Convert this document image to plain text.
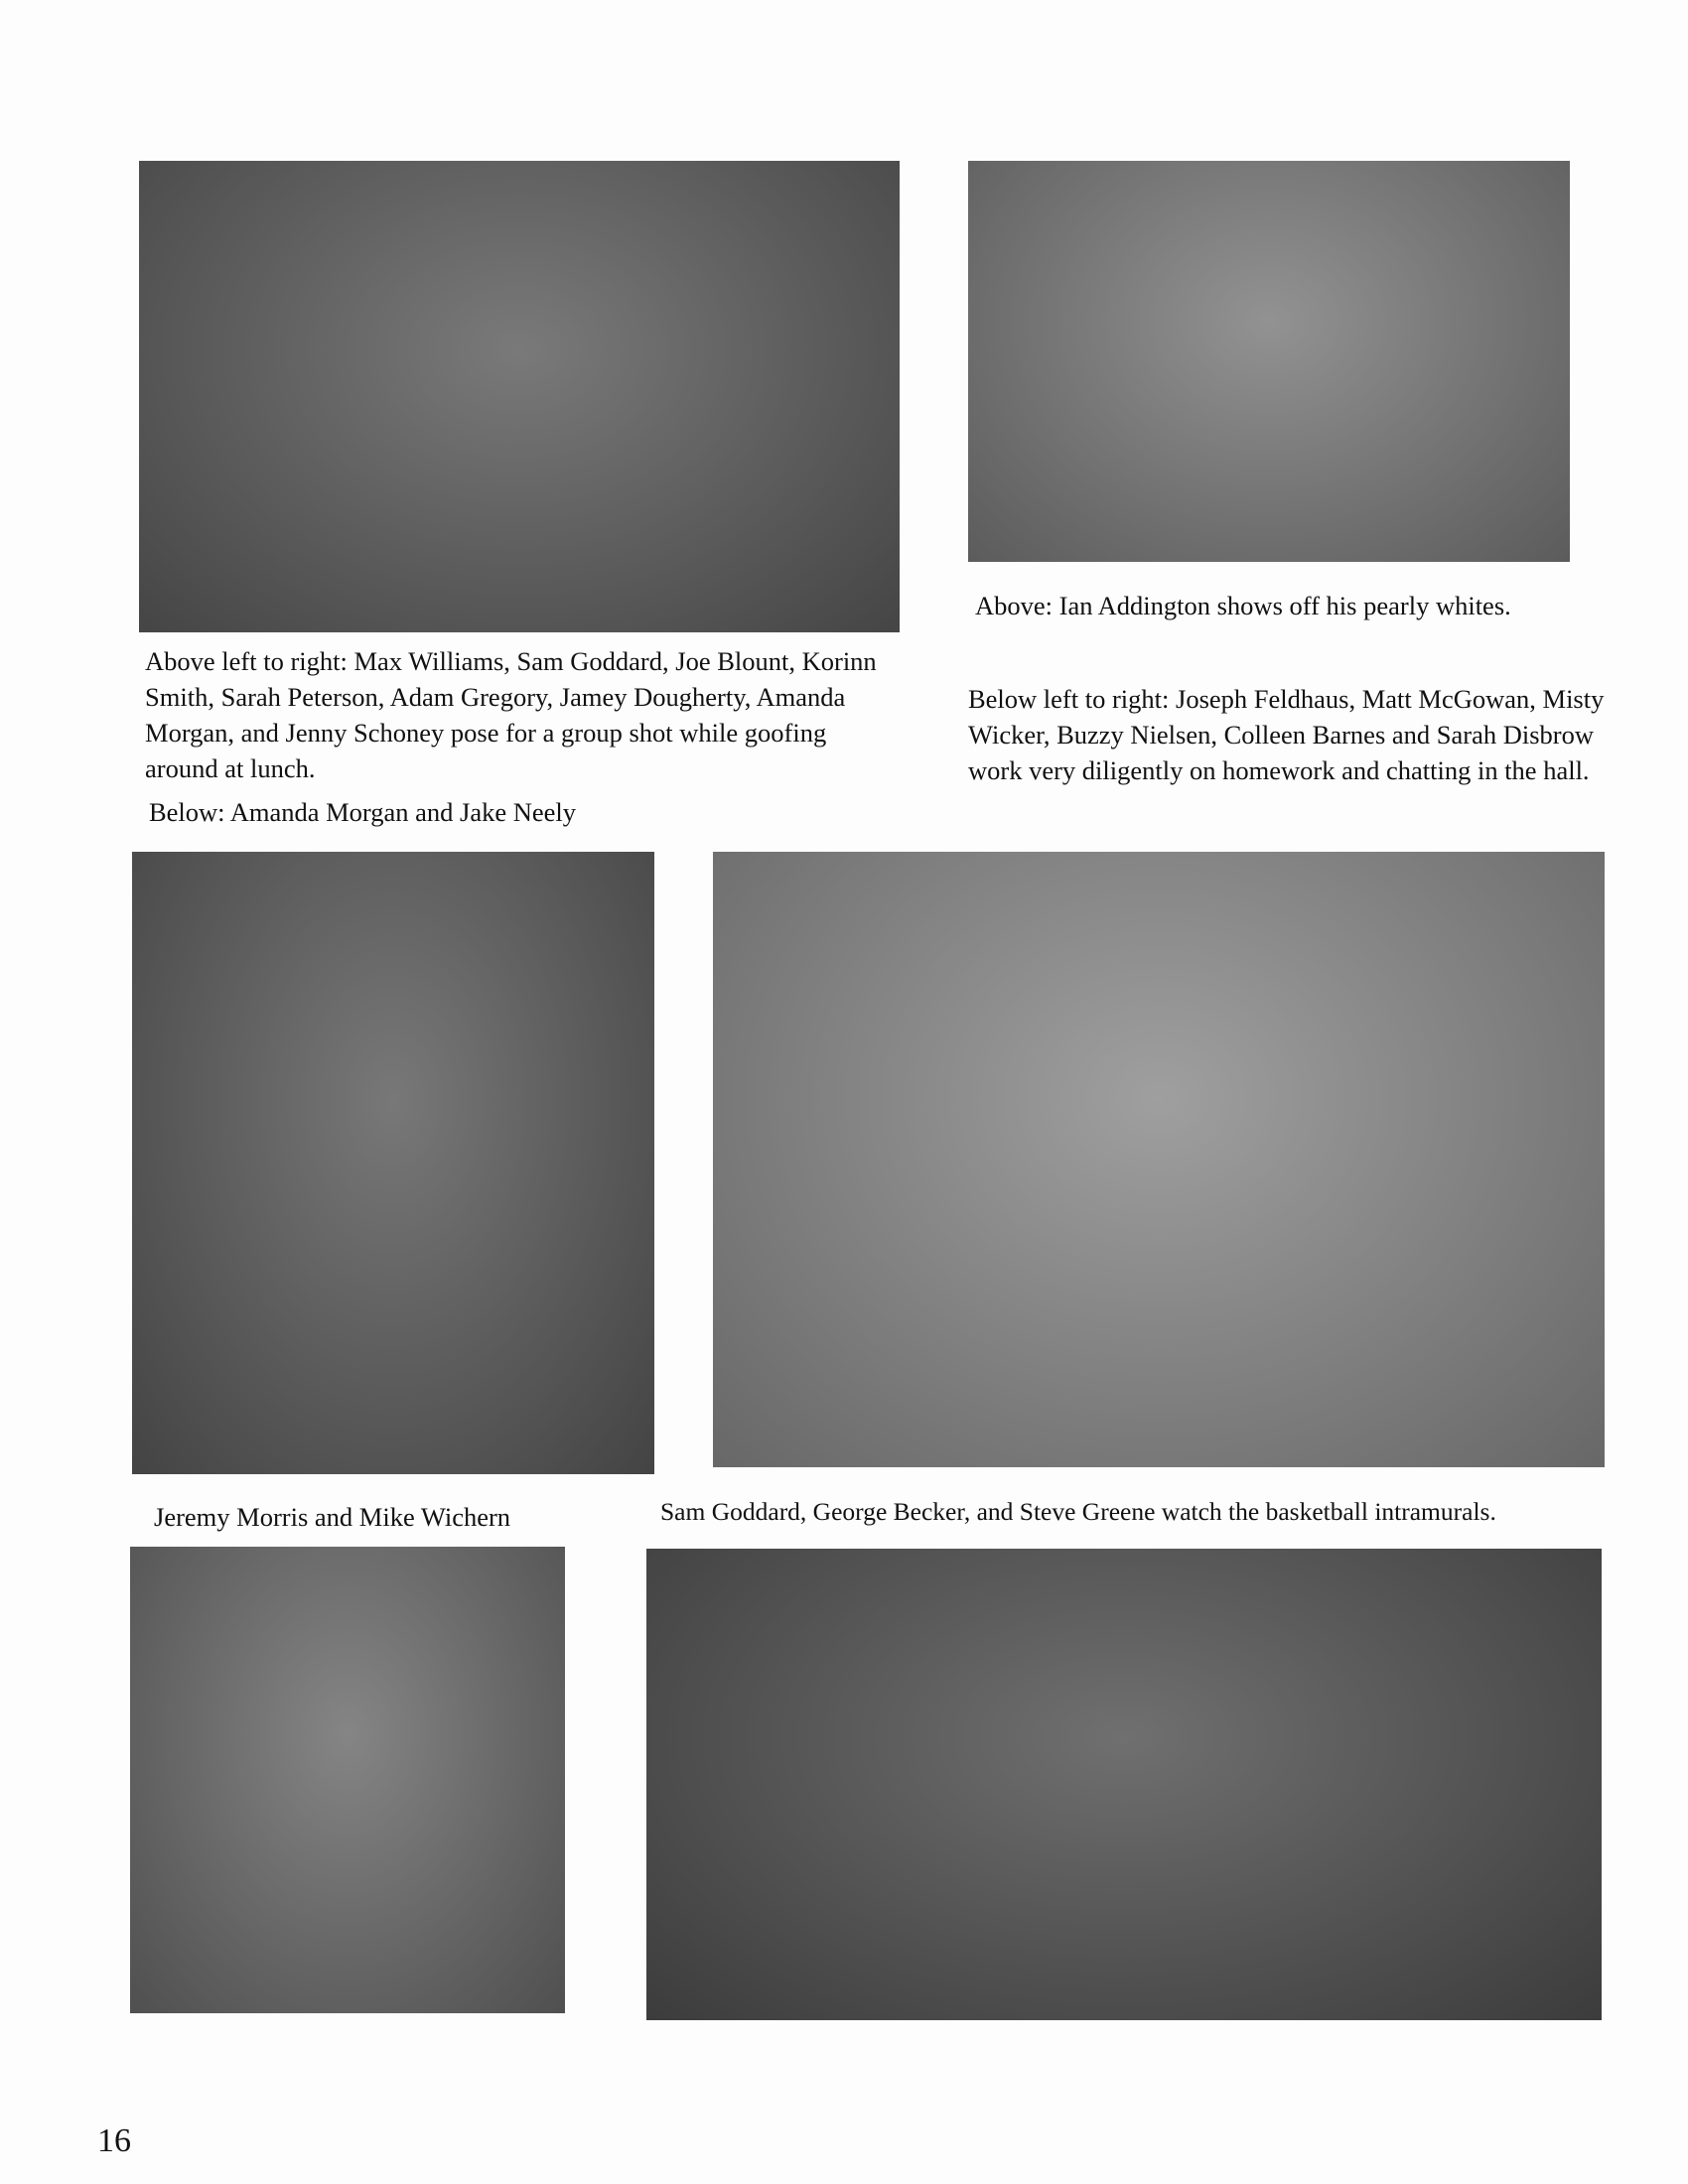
Above left to right: Max Williams, Sam Goddard, Joe Blount, Korinn Smith, Sarah Peterson, Adam Gregory, Jamey Dougherty, Amanda Morgan, and Jenny Schoney pose for a group shot while goofing around at lunch.

Below: Amanda Morgan and Jake Neely

Above: Ian Addington shows off his pearly whites.

Below left to right: Joseph Feldhaus, Matt McGowan, Misty Wicker, Buzzy Nielsen, Colleen Barnes and Sarah Disbrow work very diligently on homework and chatting in the hall.

Jeremy Morris and Mike Wichern	Sam Goddard, George Becker, and Steve Greene watch the basketball intramurals.

16
